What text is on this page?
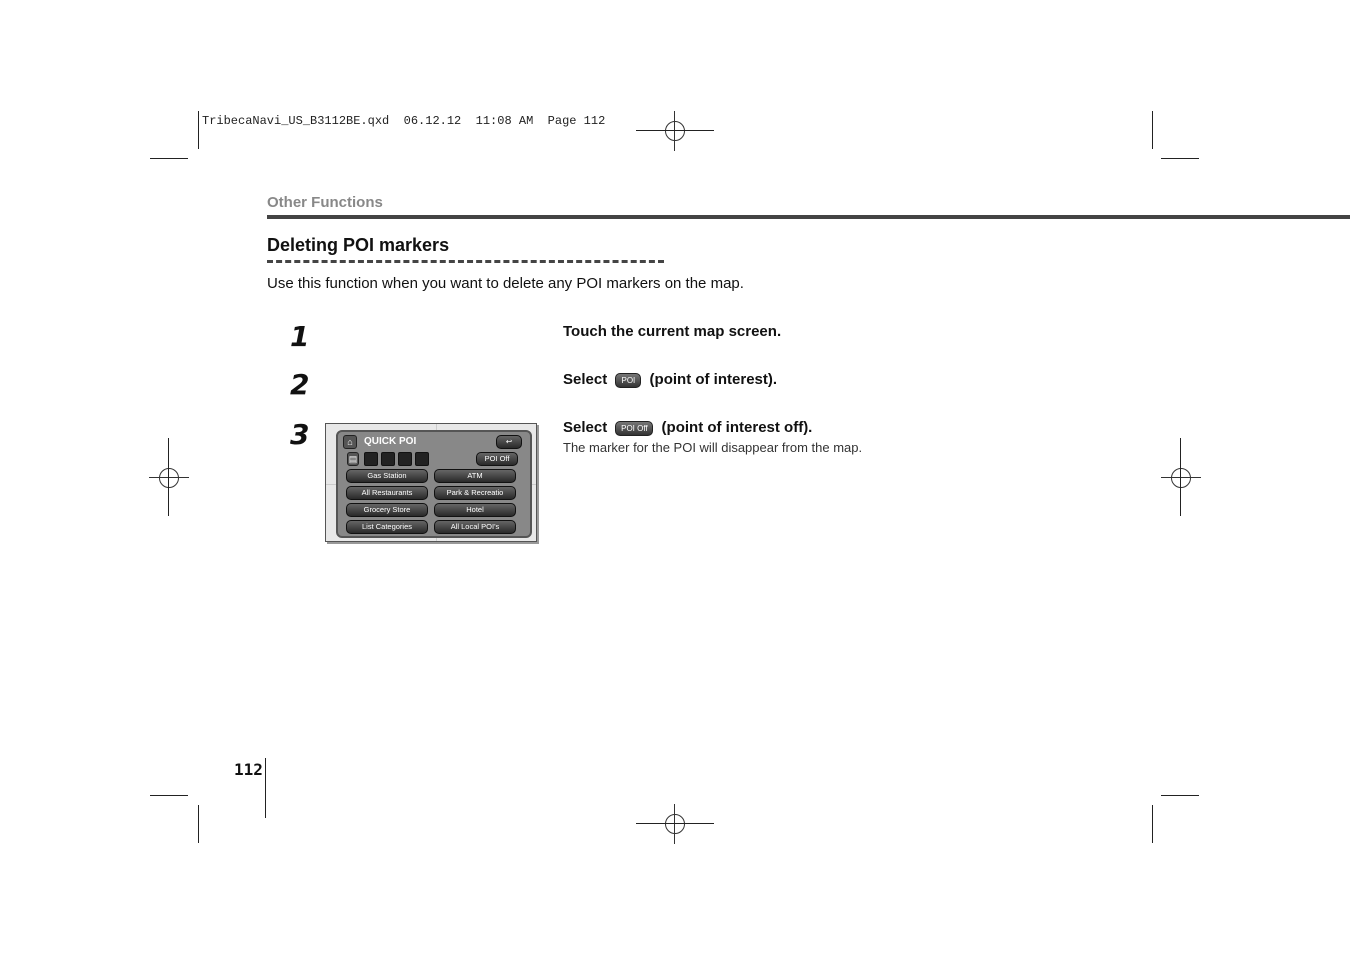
TribecaNavi_US_B3112BE.qxd 06.12.12 11:08 AM Page 112
Other Functions
Deleting POI markers
Use this function when you want to delete any POI markers on the map.
1
2
3
Touch the current map screen.
Select POI (point of interest).
Select POI Off (point of interest off).
The marker for the POI will disappear from the map.
⌂	QUICK POI	↩
▤	POI Off
Gas Station	ATM
All Restaurants	Park & Recreatio
Grocery Store	Hotel
List Categories	All Local POI's
112
